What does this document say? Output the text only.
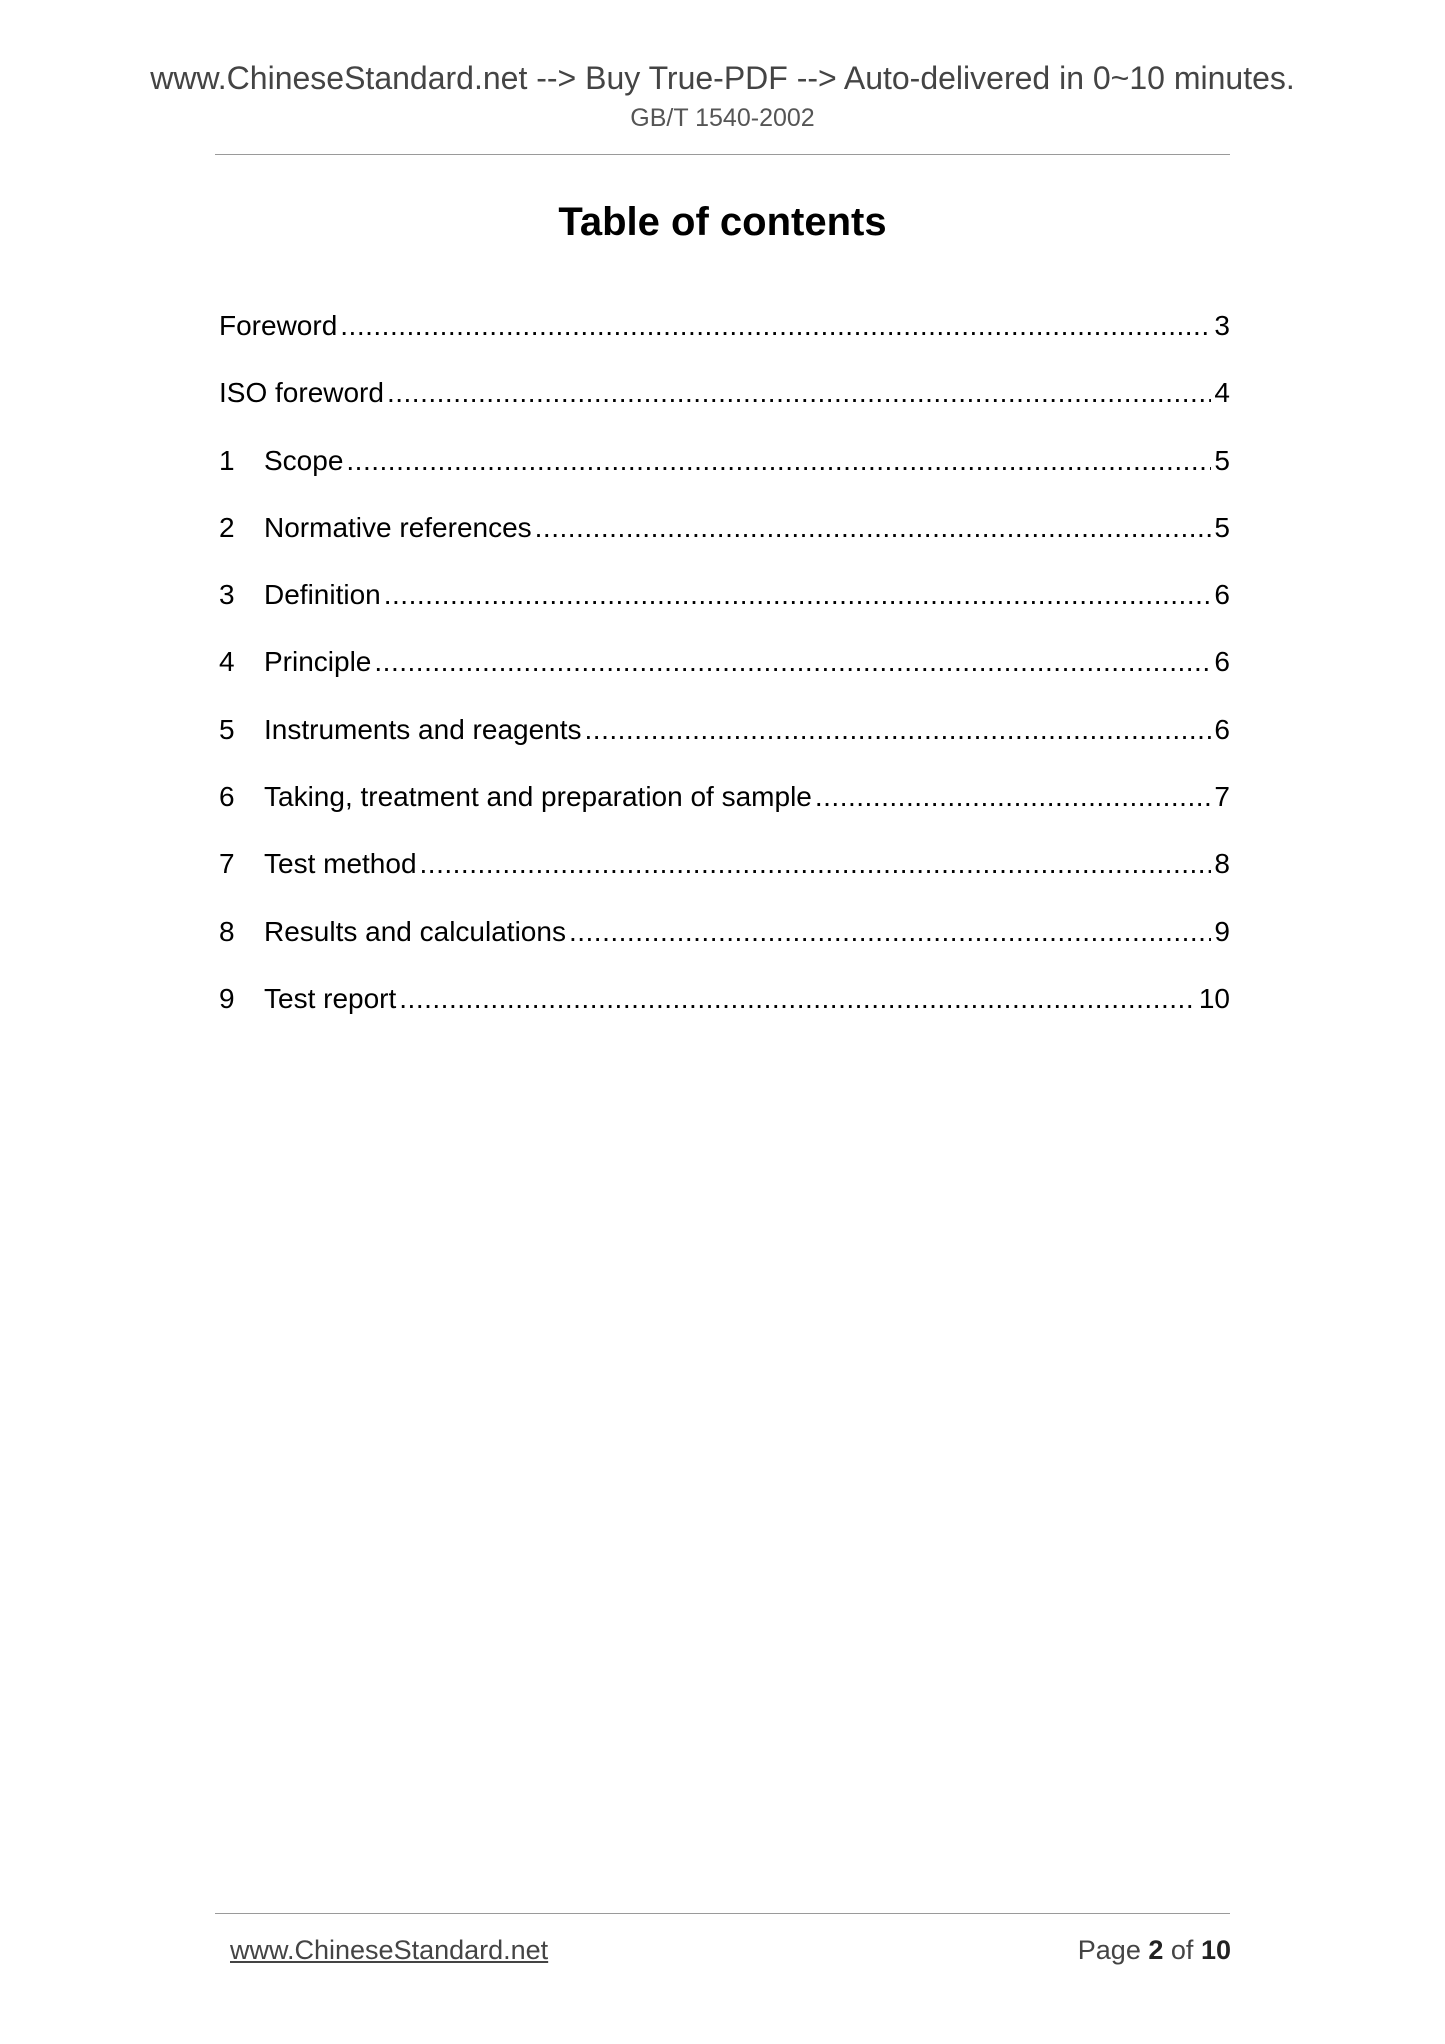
www.ChineseStandard.net --> Buy True-PDF --> Auto-delivered in 0~10 minutes.
GB/T 1540-2002
Table of contents
Foreword .....	3
ISO foreword .....	4
1	Scope .....	5
2	Normative references .....	5
3	Definition .....	6
4	Principle .....	6
5	Instruments and reagents .....	6
6	Taking, treatment and preparation of sample .....	7
7	Test method .....	8
8	Results and calculations .....	9
9	Test report .....	10
www.ChineseStandard.net	Page 2 of 10
